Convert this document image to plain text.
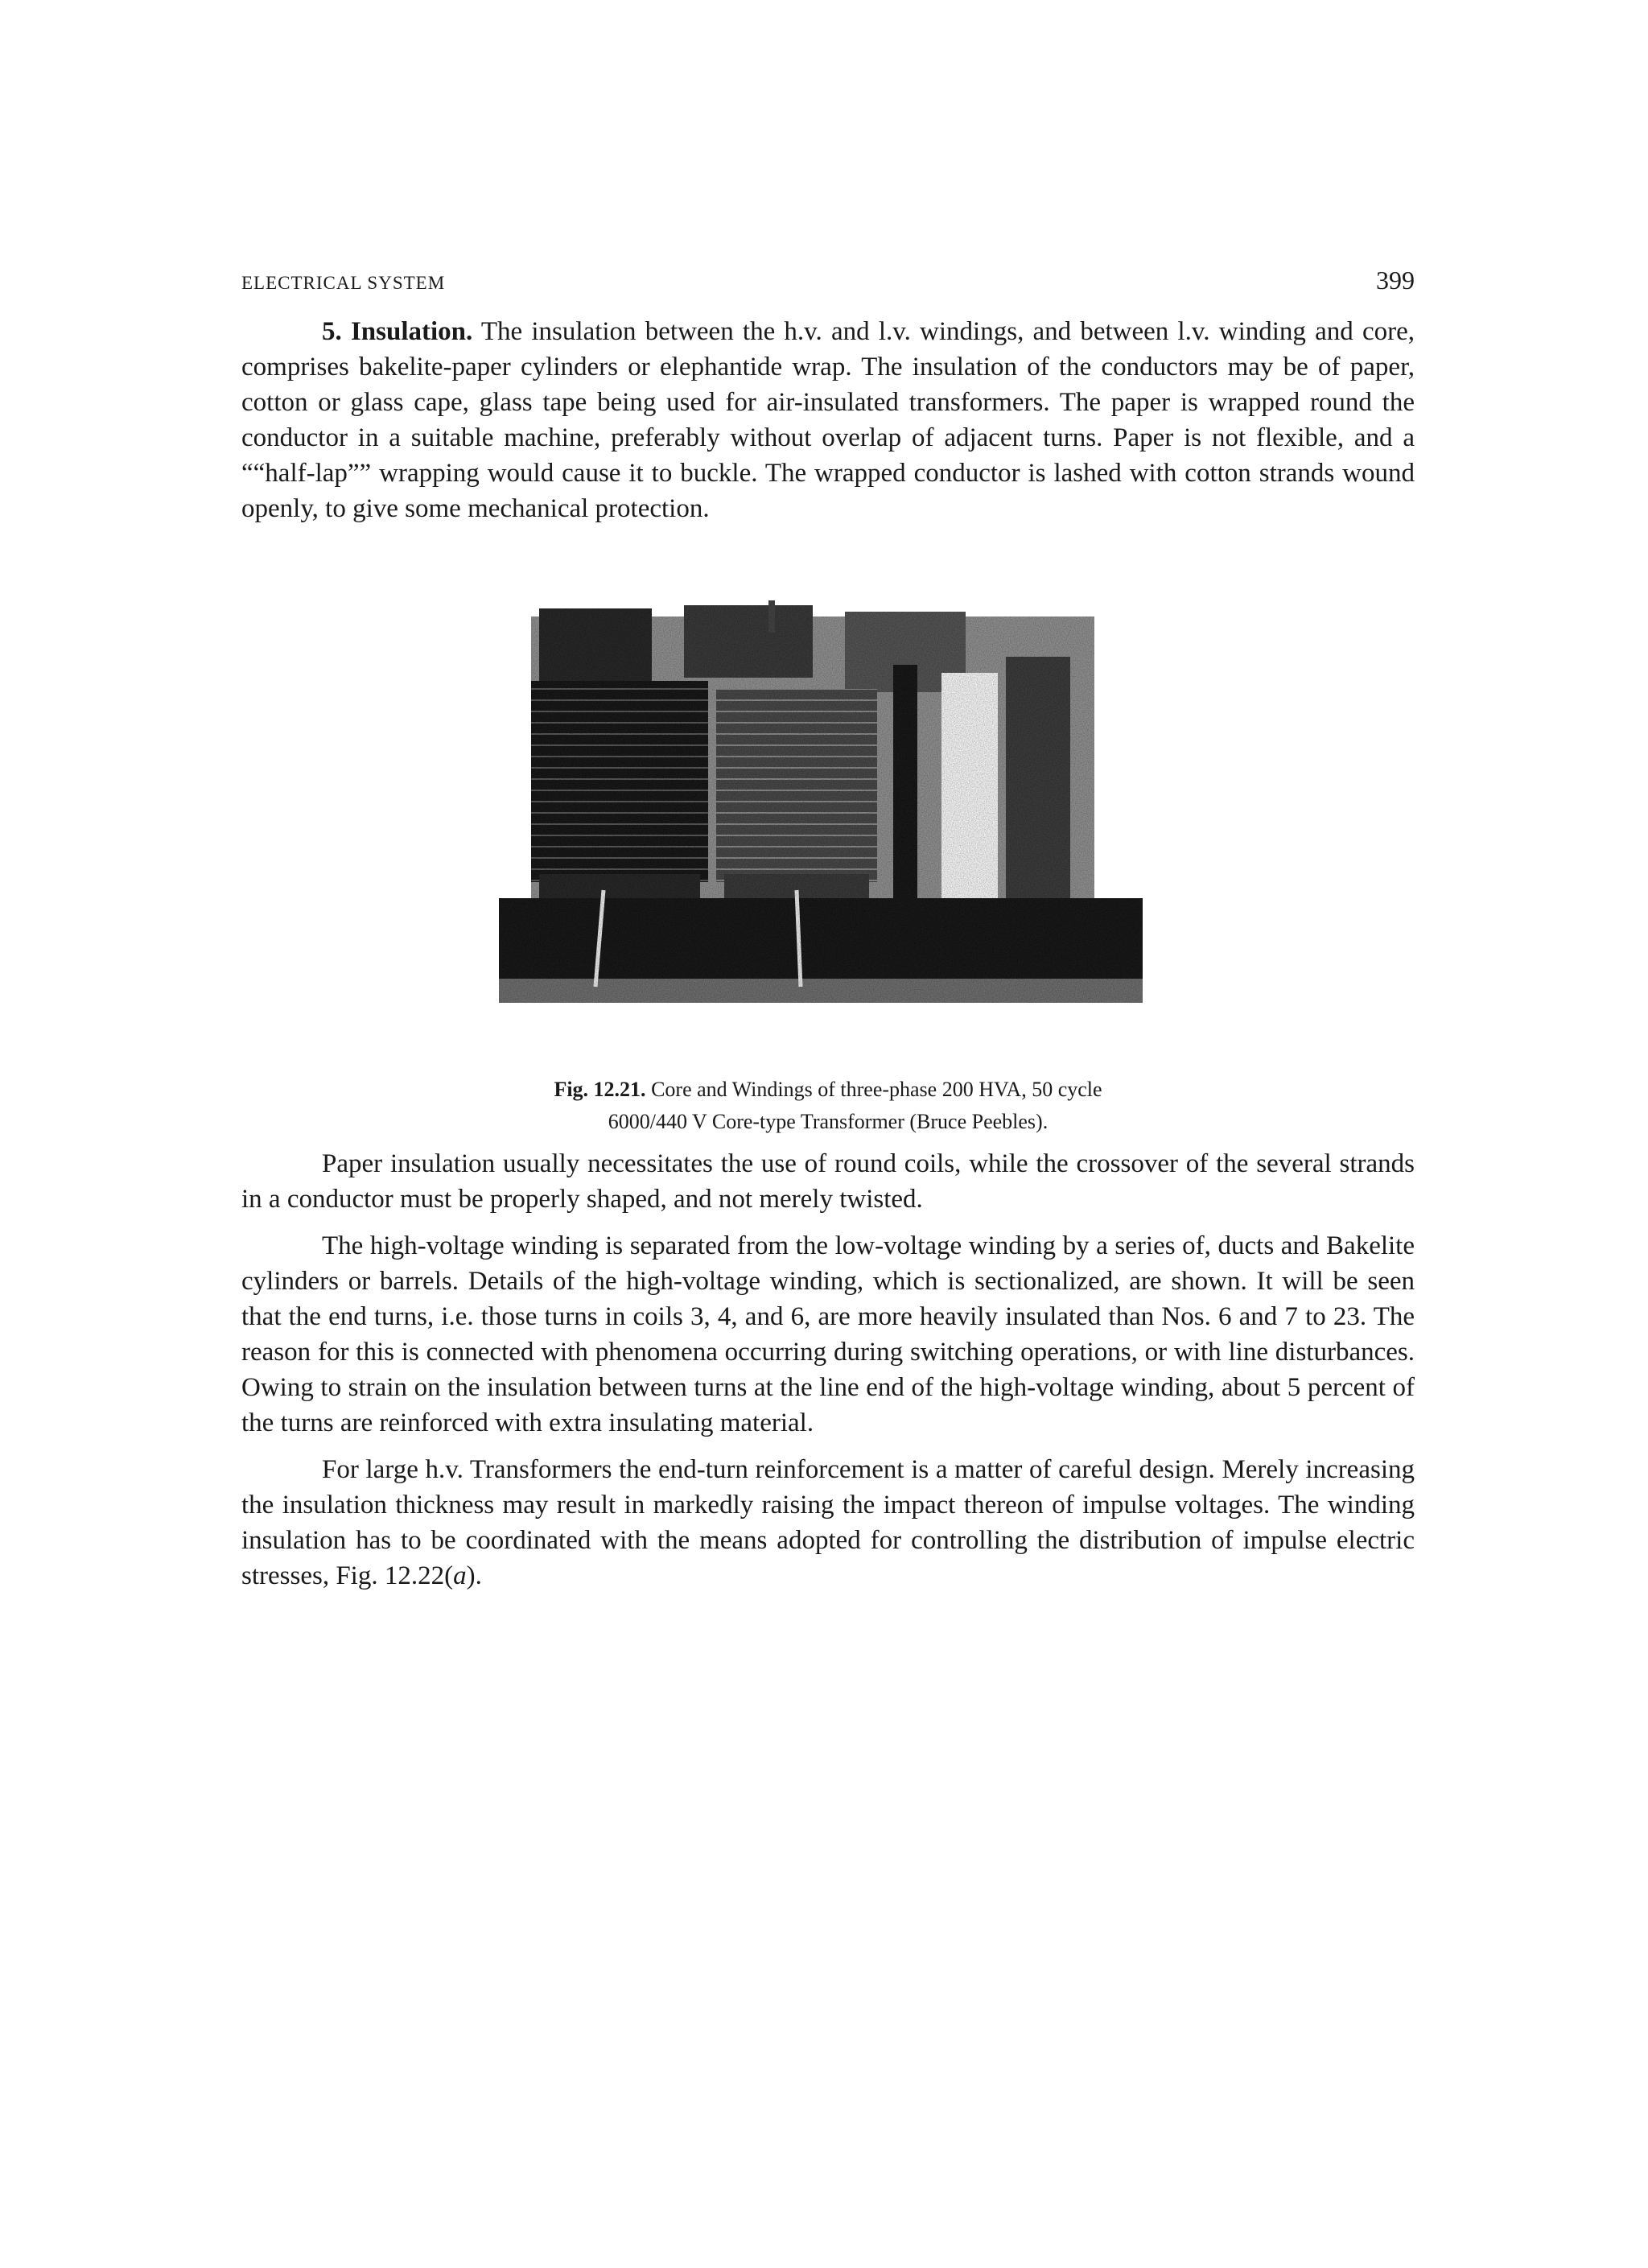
ELECTRICAL SYSTEM	399

5. Insulation. The insulation between the h.v. and l.v. windings, and between l.v. winding and core, comprises bakelite-paper cylinders or elephantide wrap. The insulation of the conductors may be of paper, cotton or glass cape, glass tape being used for air-insulated transformers. The paper is wrapped round the conductor in a suitable machine, preferably without overlap of adjacent turns. Paper is not flexible, and a ““half-lap”” wrapping would cause it to buckle. The wrapped conductor is lashed with cotton strands wound openly, to give some mechanical protection.

Fig. 12.21. Core and Windings of three-phase 200 HVA, 50 cycle
6000/440 V Core-type Transformer (Bruce Peebles).

Paper insulation usually necessitates the use of round coils, while the crossover of the several strands in a conductor must be properly shaped, and not merely twisted.

The high-voltage winding is separated from the low-voltage winding by a series of, ducts and Bakelite cylinders or barrels. Details of the high-voltage winding, which is sectionalized, are shown. It will be seen that the end turns, i.e. those turns in coils 3, 4, and 6, are more heavily insulated than Nos. 6 and 7 to 23. The reason for this is connected with phenomena occurring during switching operations, or with line disturbances. Owing to strain on the insulation between turns at the line end of the high-voltage winding, about 5 percent of the turns are reinforced with extra insulating material.

For large h.v. Transformers the end-turn reinforcement is a matter of careful design. Merely increasing the insulation thickness may result in markedly raising the impact thereon of impulse voltages. The winding insulation has to be coordinated with the means adopted for controlling the distribution of impulse electric stresses, Fig. 12.22(a).
